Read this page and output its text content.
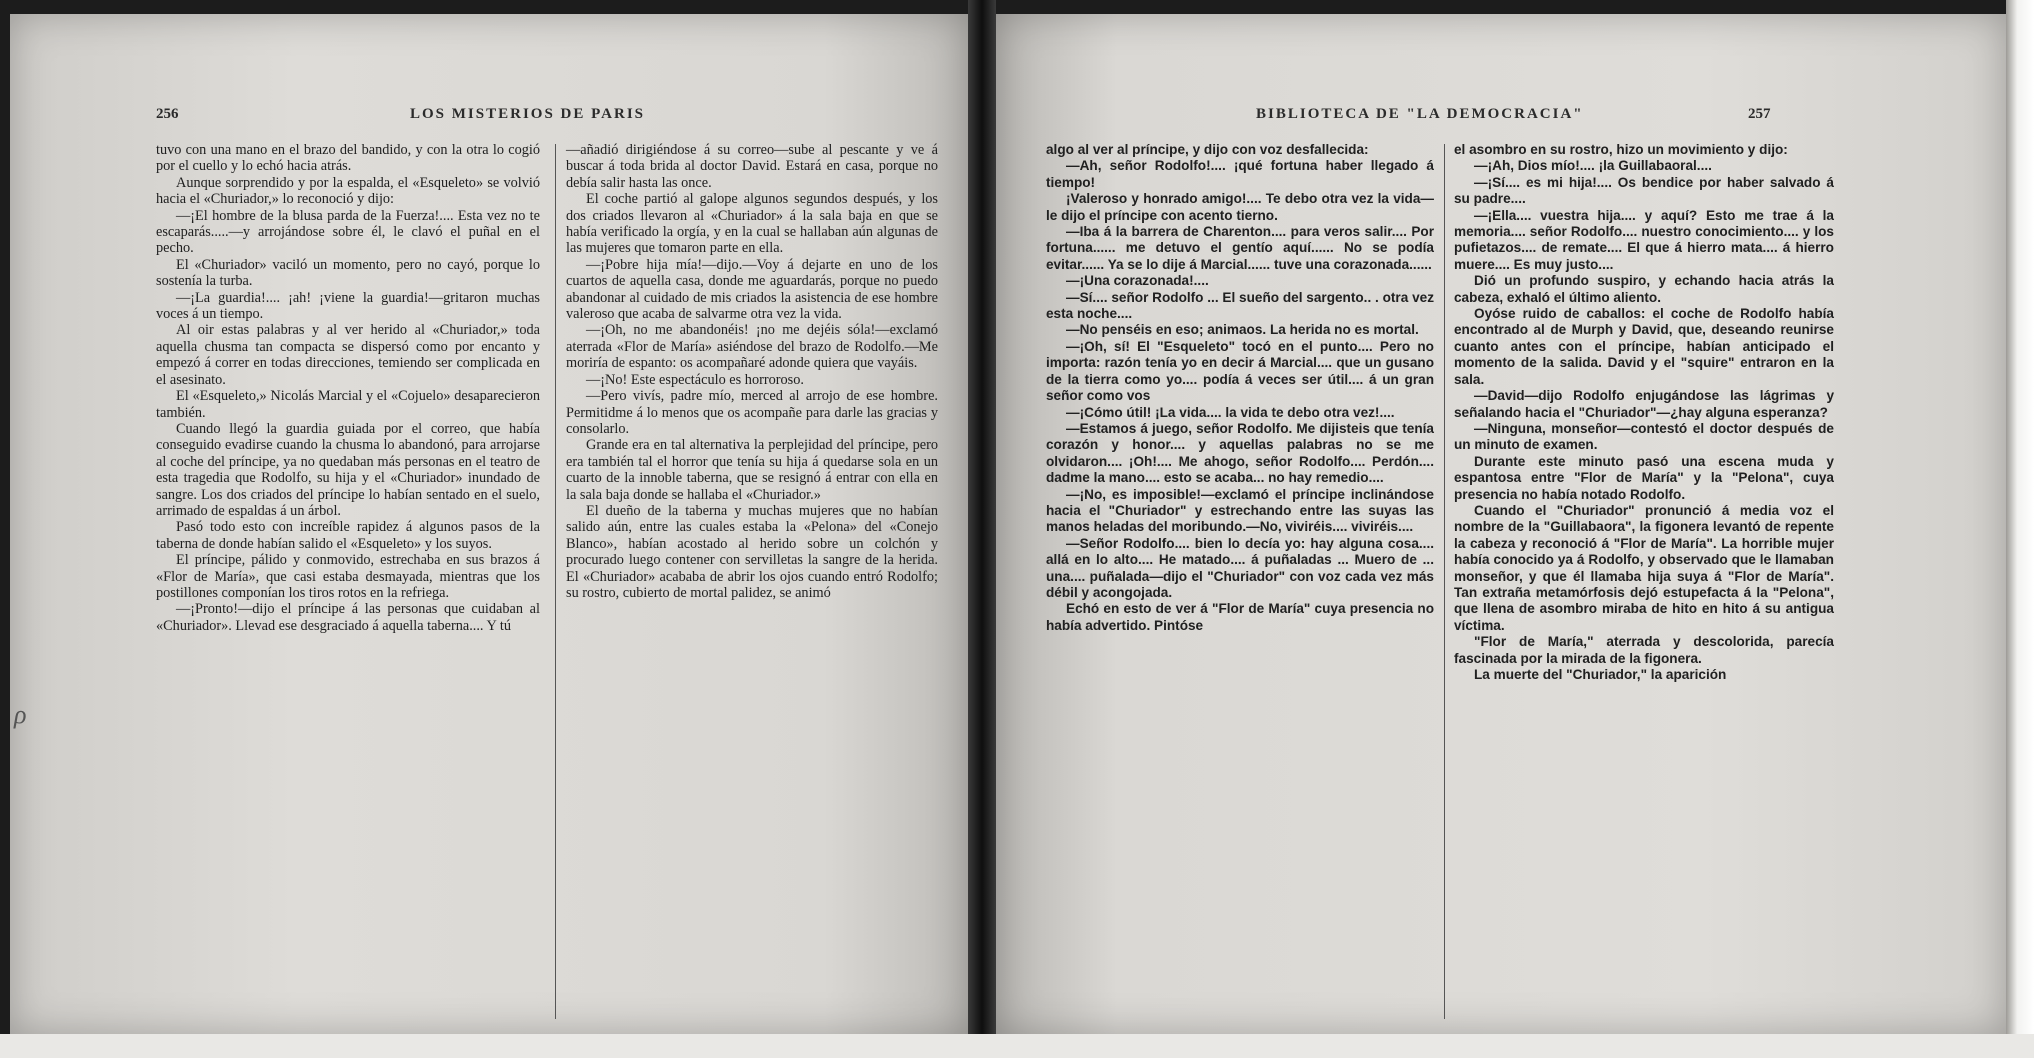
256	LOS MISTERIOS DE PARIS

tuvo con una mano en el brazo del bandido, y con la otra lo cogió por el cuello y lo echó hacia atrás.

Aunque sorprendido y por la espalda, el «Esqueleto» se volvió hacia el «Churiador,» lo reconoció y dijo:

—¡El hombre de la blusa parda de la Fuerza!.... Esta vez no te escaparás.....—y arrojándose sobre él, le clavó el puñal en el pecho.

El «Churiador» vaciló un momento, pero no cayó, porque lo sostenía la turba.

—¡La guardia!.... ¡ah! ¡viene la guardia!—gritaron muchas voces á un tiempo.

Al oir estas palabras y al ver herido al «Churiador,» toda aquella chusma tan compacta se dispersó como por encanto y empezó á correr en todas direcciones, temiendo ser complicada en el asesinato.

El «Esqueleto,» Nicolás Marcial y el «Cojuelo» desaparecieron también.

Cuando llegó la guardia guiada por el correo, que había conseguido evadirse cuando la chusma lo abandonó, para arrojarse al coche del príncipe, ya no quedaban más personas en el teatro de esta tragedia que Rodolfo, su hija y el «Churiador» inundado de sangre. Los dos criados del príncipe lo habían sentado en el suelo, arrimado de espaldas á un árbol.

Pasó todo esto con increíble rapidez á algunos pasos de la taberna de donde habían salido el «Esqueleto» y los suyos.

El príncipe, pálido y conmovido, estrechaba en sus brazos á «Flor de María», que casi estaba desmayada, mientras que los postillones componían los tiros rotos en la refriega.

—¡Pronto!—dijo el príncipe á las personas que cuidaban al «Churiador». Llevad ese desgraciado á aquella taberna.... Y tú

—añadió dirigiéndose á su correo—sube al pescante y ve á buscar á toda brida al doctor David. Estará en casa, porque no debía salir hasta las once.

El coche partió al galope algunos segundos después, y los dos criados llevaron al «Churiador» á la sala baja en que se había verificado la orgía, y en la cual se hallaban aún algunas de las mujeres que tomaron parte en ella.

—¡Pobre hija mía!—dijo.—Voy á dejarte en uno de los cuartos de aquella casa, donde me aguardarás, porque no puedo abandonar al cuidado de mis criados la asistencia de ese hombre valeroso que acaba de salvarme otra vez la vida.

—¡Oh, no me abandonéis! ¡no me dejéis sóla!—exclamó aterrada «Flor de María» asiéndose del brazo de Rodolfo.—Me moriría de espanto: os acompañaré adonde quiera que vayáis.

—¡No! Este espectáculo es horroroso.

—Pero vivís, padre mío, merced al arrojo de ese hombre. Permitidme á lo menos que os acompañe para darle las gracias y consolarlo.

Grande era en tal alternativa la perplejidad del príncipe, pero era también tal el horror que tenía su hija á quedarse sola en un cuarto de la innoble taberna, que se resignó á entrar con ella en la sala baja donde se hallaba el «Churiador.»

El dueño de la taberna y muchas mujeres que no habían salido aún, entre las cuales estaba la «Pelona» del «Conejo Blanco», habían acostado al herido sobre un colchón y procurado luego contener con servilletas la sangre de la herida. El «Churiador» acababa de abrir los ojos cuando entró Rodolfo; su rostro, cubierto de mortal palidez, se animó

BIBLIOTECA DE "LA DEMOCRACIA"	257

algo al ver al príncipe, y dijo con voz desfallecida:

—Ah, señor Rodolfo!.... ¡qué fortuna haber llegado á tiempo!

¡Valeroso y honrado amigo!.... Te debo otra vez la vida—le dijo el príncipe con acento tierno.

—Iba á la barrera de Charenton.... para veros salir.... Por fortuna...... me detuvo el gentío aquí...... No se podía evitar...... Ya se lo dije á Marcial...... tuve una corazonada......

—¡Una corazonada!....

—Sí.... señor Rodolfo ... El sueño del sargento.. . otra vez esta noche....

—No penséis en eso; animaos. La herida no es mortal.

—¡Oh, sí! El "Esqueleto" tocó en el punto.... Pero no importa: razón tenía yo en decir á Marcial.... que un gusano de la tierra como yo.... podía á veces ser útil.... á un gran señor como vos

—¡Cómo útil! ¡La vida.... la vida te debo otra vez!....

—Estamos á juego, señor Rodolfo. Me dijisteis que tenía corazón y honor.... y aquellas palabras no se me olvidaron.... ¡Oh!.... Me ahogo, señor Rodolfo.... Perdón.... dadme la mano.... esto se acaba... no hay remedio....

—¡No, es imposible!—exclamó el príncipe inclinándose hacia el "Churiador" y estrechando entre las suyas las manos heladas del moribundo.—No, viviréis.... viviréis....

—Señor Rodolfo.... bien lo decía yo: hay alguna cosa.... allá en lo alto.... He matado.... á puñaladas ... Muero de ... una.... puñalada—dijo el "Churiador" con voz cada vez más débil y acongojada.

Echó en esto de ver á "Flor de María" cuya presencia no había advertido. Pintóse

el asombro en su rostro, hizo un movimiento y dijo:

—¡Ah, Dios mío!.... ¡la Guillabaoral....

—¡Sí.... es mi hija!.... Os bendice por haber salvado á su padre....

—¡Ella.... vuestra hija.... y aquí? Esto me trae á la memoria.... señor Rodolfo.... nuestro conocimiento.... y los pufietazos.... de remate.... El que á hierro mata.... á hierro muere.... Es muy justo....

Dió un profundo suspiro, y echando hacia atrás la cabeza, exhaló el último aliento.

Oyóse ruido de caballos: el coche de Rodolfo había encontrado al de Murph y David, que, deseando reunirse cuanto antes con el príncipe, habían anticipado el momento de la salida. David y el "squire" entraron en la sala.

—David—dijo Rodolfo enjugándose las lágrimas y señalando hacia el "Churiador"—¿hay alguna esperanza?

—Ninguna, monseñor—contestó el doctor después de un minuto de examen.

Durante este minuto pasó una escena muda y espantosa entre "Flor de María" y la "Pelona", cuya presencia no había notado Rodolfo.

Cuando el "Churiador" pronunció á media voz el nombre de la "Guillabaora", la figonera levantó de repente la cabeza y reconoció á "Flor de María". La horrible mujer había conocido ya á Rodolfo, y observado que le llamaban monseñor, y que él llamaba hija suya á "Flor de María". Tan extraña metamórfosis dejó estupefacta á la "Pelona", que llena de asombro miraba de hito en hito á su antigua víctima.

"Flor de María," aterrada y descolorida, parecía fascinada por la mirada de la figonera.

La muerte del "Churiador," la aparición

ρ
